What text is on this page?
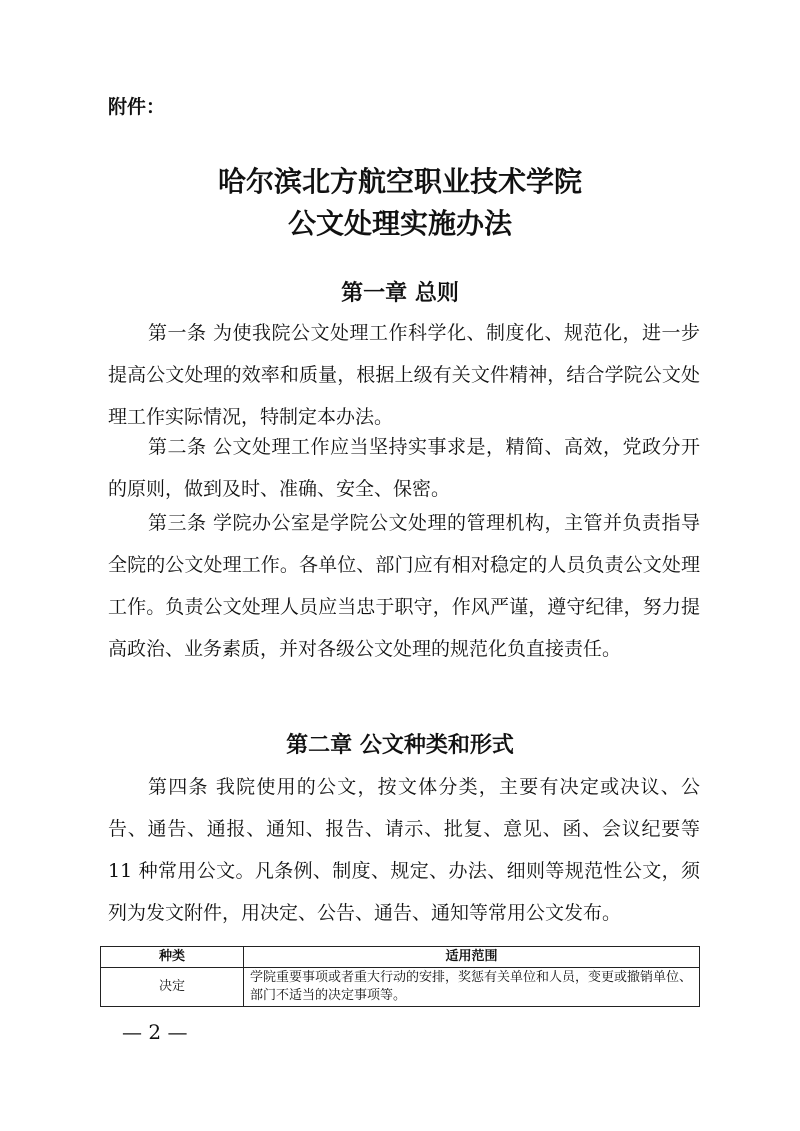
附件：
哈尔滨北方航空职业技术学院
公文处理实施办法
第一章 总则

第一条 为使我院公文处理工作科学化、制度化、规范化，进一步提高公文处理的效率和质量，根据上级有关文件精神，结合学院公文处理工作实际情况，特制定本办法。

第二条 公文处理工作应当坚持实事求是，精简、高效，党政分开的原则，做到及时、准确、安全、保密。

第三条 学院办公室是学院公文处理的管理机构，主管并负责指导全院的公文处理工作。各单位、部门应有相对稳定的人员负责公文处理工作。负责公文处理人员应当忠于职守，作风严谨，遵守纪律，努力提高政治、业务素质，并对各级公文处理的规范化负直接责任。

第二章 公文种类和形式

第四条 我院使用的公文，按文体分类，主要有决定或决议、公告、通告、通报、通知、报告、请示、批复、意见、函、会议纪要等 11 种常用公文。凡条例、制度、规定、办法、细则等规范性公文，须列为发文附件，用决定、公告、通告、通知等常用公文发布。

种类	适用范围
决定	学院重要事项或者重大行动的安排，奖惩有关单位和人员，变更或撤销单位、部门不适当的决定事项等。
— 2 —
